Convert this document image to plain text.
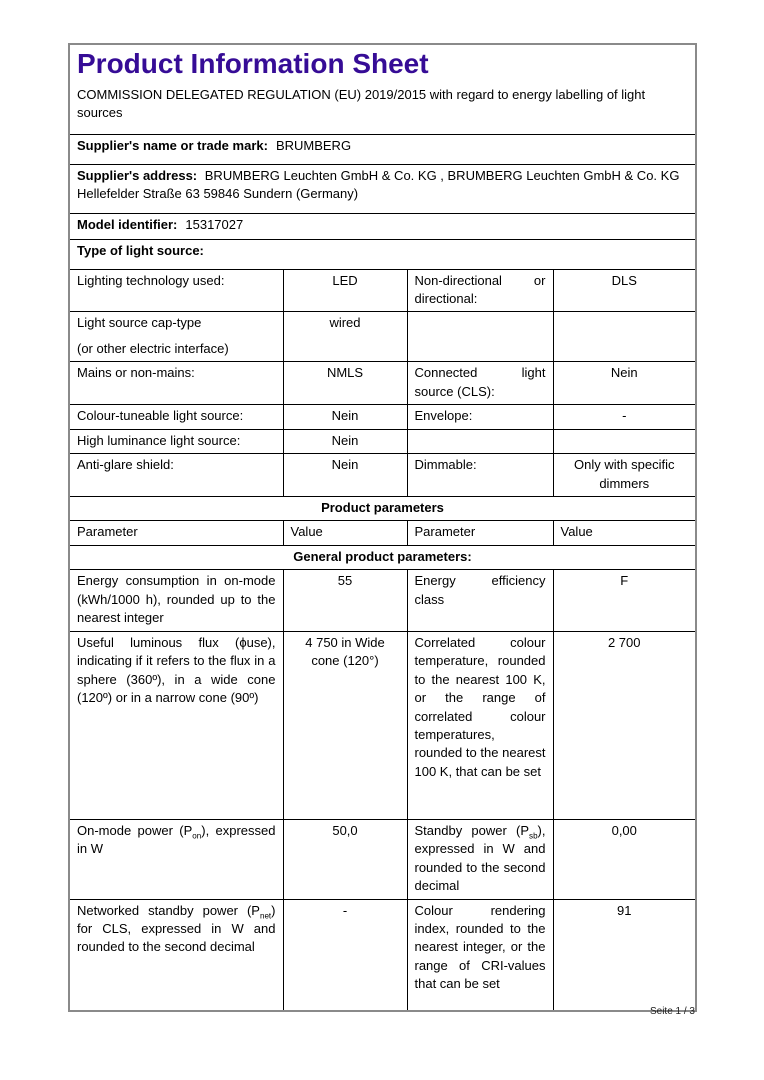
Product Information Sheet
COMMISSION DELEGATED REGULATION (EU) 2019/2015 with regard to energy labelling of light sources			

Supplier's name or trade mark: BRUMBERG			
Supplier's address: BRUMBERG Leuchten GmbH & Co. KG , BRUMBERG Leuchten GmbH & Co. KG Hellefelder Straße 63 59846 Sundern (Germany)			
Model identifier: 15317027			
Type of light source:			
Lighting technology used:	LED	Non-directional or directional:	DLS

Light source cap-type
(or other electric interface)	wired		
Mains or non-mains:	NMLS	Connected light source (CLS):	Nein
Colour-tuneable light source:	Nein	Envelope:	-
High luminance light source:	Nein		
Anti-glare shield:	Nein	Dimmable:	Only with specific dimmers
Product parameters			
Parameter	Value	Parameter	Value
General product parameters:			
Energy consumption in on-mode (kWh/1000 h), rounded up to the nearest integer	55	Energy efficiency class	F
Useful luminous flux (ϕuse), indicating if it refers to the flux in a sphere (360º), in a wide cone (120º) or in a narrow cone (90º)	4 750 in Wide cone (120°)	Correlated colour temperature, rounded to the nearest 100 K, or the range of correlated colour temperatures, rounded to the nearest 100 K, that can be set	2 700
On-mode power $(P_{on})$, expressed in W	50,0	Standby power $(P_{sb})$, expressed in W and rounded to the second decimal	0,00
Networked standby power $(P_{net})$ for CLS, expressed in W and rounded to the second decimal	-	Colour rendering index, rounded to the nearest integer, or the range of CRI-values that can be set	91
Seite 1 / 3
